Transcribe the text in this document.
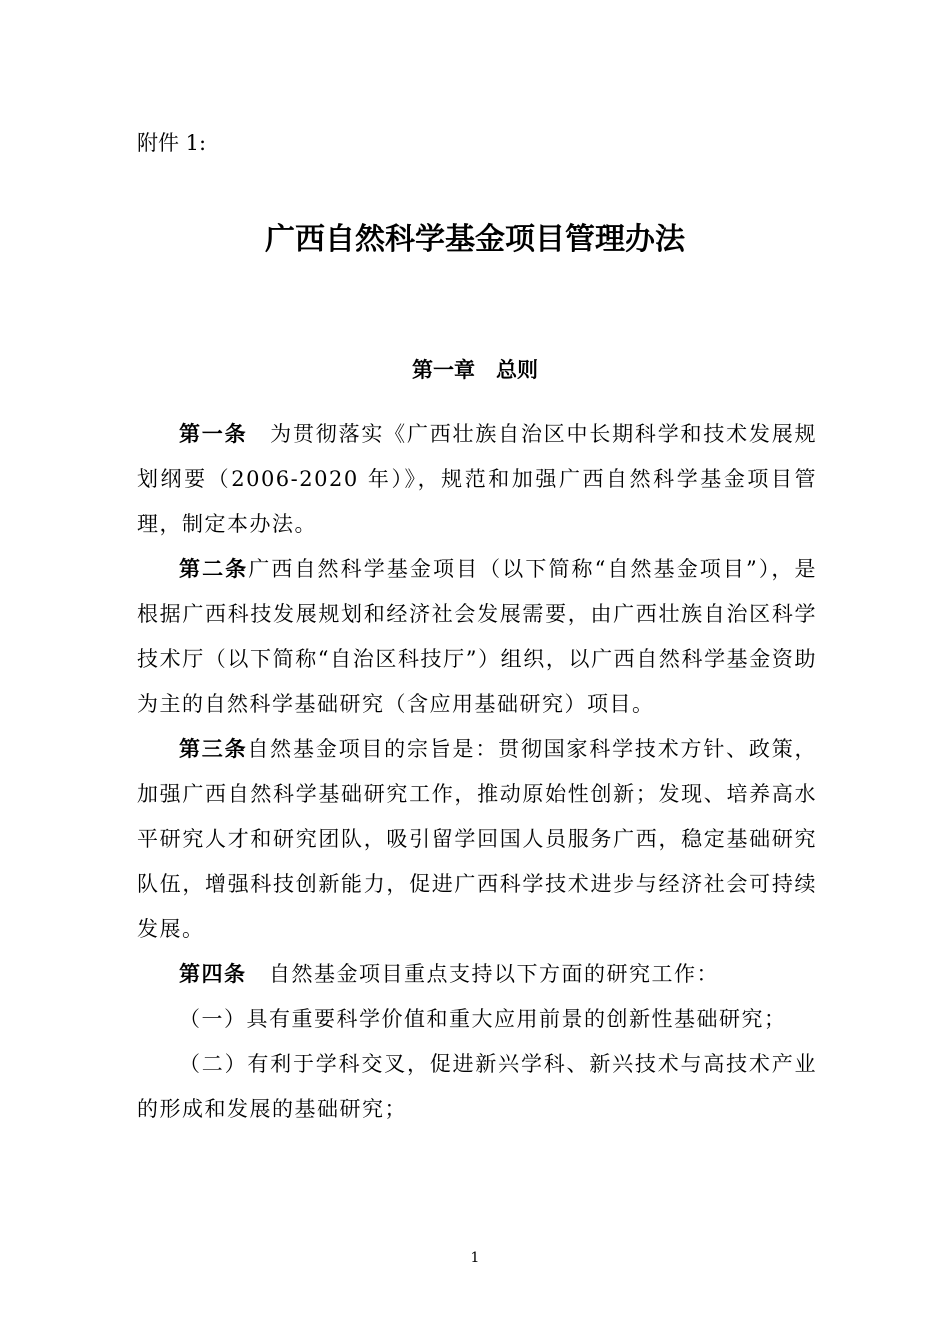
附件 1:
广西自然科学基金项目管理办法
第一章　总则

第一条　为贯彻落实《广西壮族自治区中长期科学和技术发展规划纲要（2006-2020 年）》，规范和加强广西自然科学基金项目管理，制定本办法。

第二条广西自然科学基金项目（以下简称“自然基金项目”），是根据广西科技发展规划和经济社会发展需要，由广西壮族自治区科学技术厅（以下简称“自治区科技厅”）组织，以广西自然科学基金资助为主的自然科学基础研究（含应用基础研究）项目。

第三条自然基金项目的宗旨是：贯彻国家科学技术方针、政策，加强广西自然科学基础研究工作，推动原始性创新；发现、培养高水平研究人才和研究团队，吸引留学回国人员服务广西，稳定基础研究队伍，增强科技创新能力，促进广西科学技术进步与经济社会可持续发展。

第四条　自然基金项目重点支持以下方面的研究工作：

（一）具有重要科学价值和重大应用前景的创新性基础研究；

（二）有利于学科交叉，促进新兴学科、新兴技术与高技术产业的形成和发展的基础研究；

1
